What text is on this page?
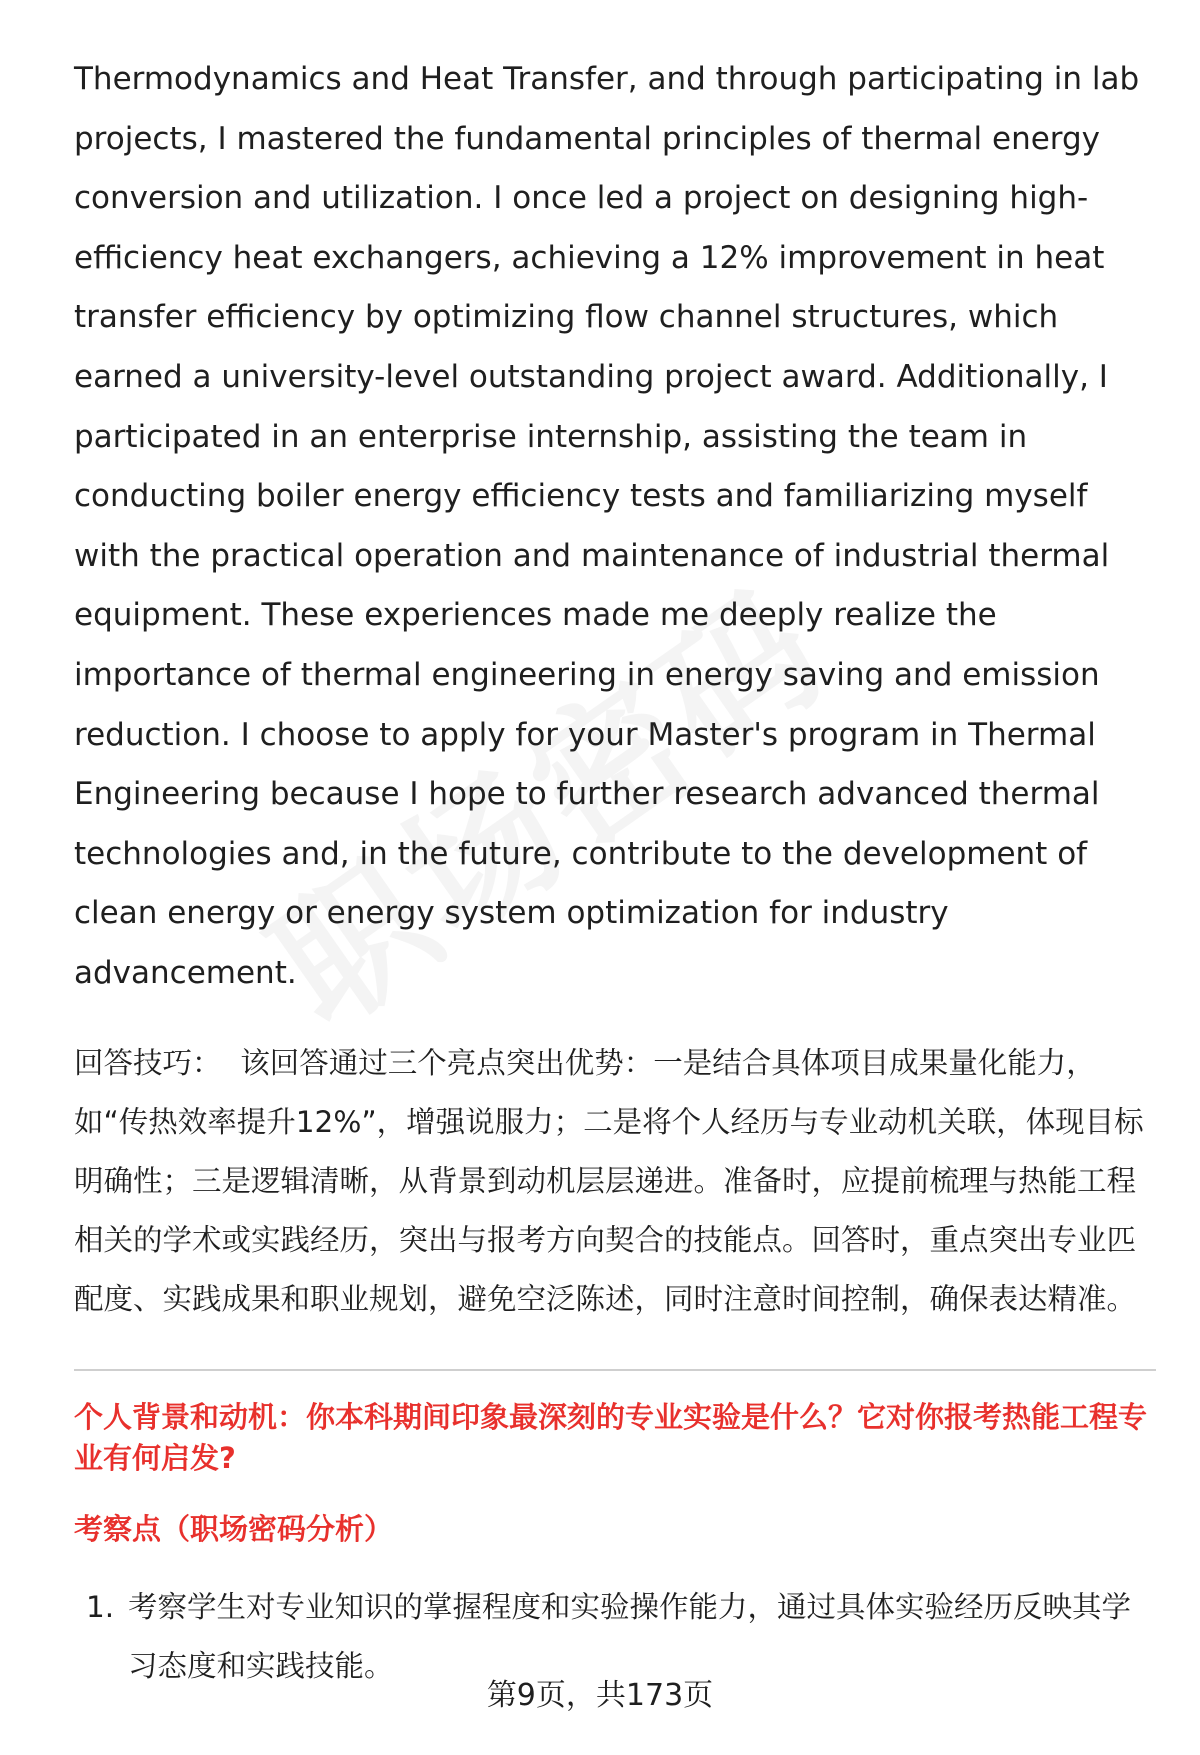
Thermodynamics and Heat Transfer, and through participating in lab projects, I mastered the fundamental principles of thermal energy conversion and utilization. I once led a project on designing high-efficiency heat exchangers, achieving a 12% improvement in heat transfer efficiency by optimizing flow channel structures, which earned a university-level outstanding project award. Additionally, I participated in an enterprise internship, assisting the team in conducting boiler energy efficiency tests and familiarizing myself with the practical operation and maintenance of industrial thermal equipment. These experiences made me deeply realize the importance of thermal engineering in energy saving and emission reduction. I choose to apply for your Master's program in Thermal Engineering because I hope to further research advanced thermal technologies and, in the future, contribute to the development of clean energy or energy system optimization for industry advancement.

回答技巧： 该回答通过三个亮点突出优势：一是结合具体项目成果量化能力，如“传热效率提升12%”，增强说服力；二是将个人经历与专业动机关联，体现目标明确性；三是逻辑清晰，从背景到动机层层递进。准备时，应提前梳理与热能工程相关的学术或实践经历，突出与报考方向契合的技能点。回答时，重点突出专业匹配度、实践成果和职业规划，避免空泛陈述，同时注意时间控制，确保表达精准。
个人背景和动机：你本科期间印象最深刻的专业实验是什么？它对你报考热能工程专业有何启发?
考察点（职场密码分析）
1. 考察学生对专业知识的掌握程度和实验操作能力，通过具体实验经历反映其学习态度和实践技能。
第9页，共173页
